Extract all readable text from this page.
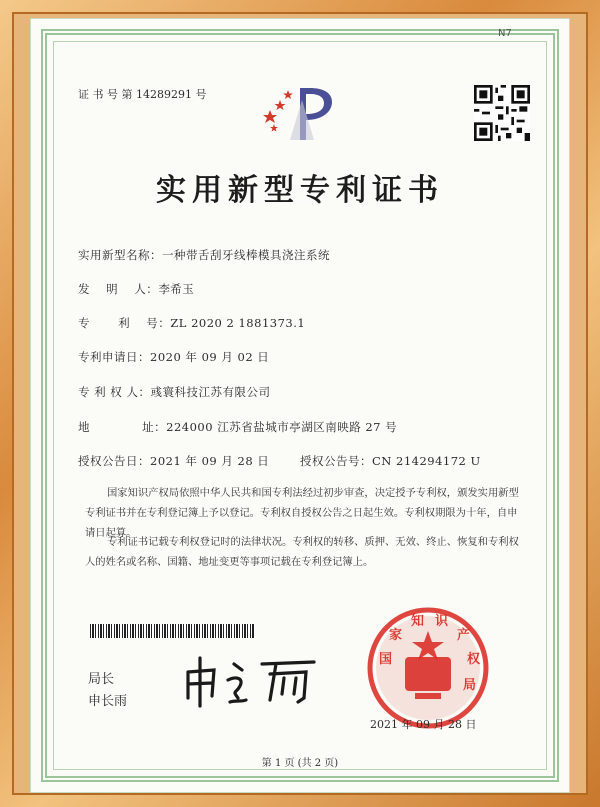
N7
证 书 号 第 14289291 号
实用新型专利证书
实用新型名称：一种带舌刮牙线棒模具浇注系统
发　 明　 人：李希玉
专　　 利　 号：ZL 2020 2 1881373.1
专利申请日：2020 年 09 月 02 日
专 利 权 人：彧寰科技江苏有限公司
地　　　　 址：224000 江苏省盐城市亭湖区南映路 27 号
授权公告日：2021 年 09 月 28 日	授权公告号：CN 214294172 U
国家知识产权局依照中华人民共和国专利法经过初步审查，决定授予专利权，颁发实用新型专利证书并在专利登记簿上予以登记。专利权自授权公告之日起生效。专利权期限为十年，自申请日起算。
专利证书记载专利权登记时的法律状况。专利权的转移、质押、无效、终止、恢复和专利权人的姓名或名称、国籍、地址变更等事项记载在专利登记簿上。
局长
申长雨
国
家
知 识
产
权
局
2021 年 09 月 28 日
第 1 页 (共 2 页)
